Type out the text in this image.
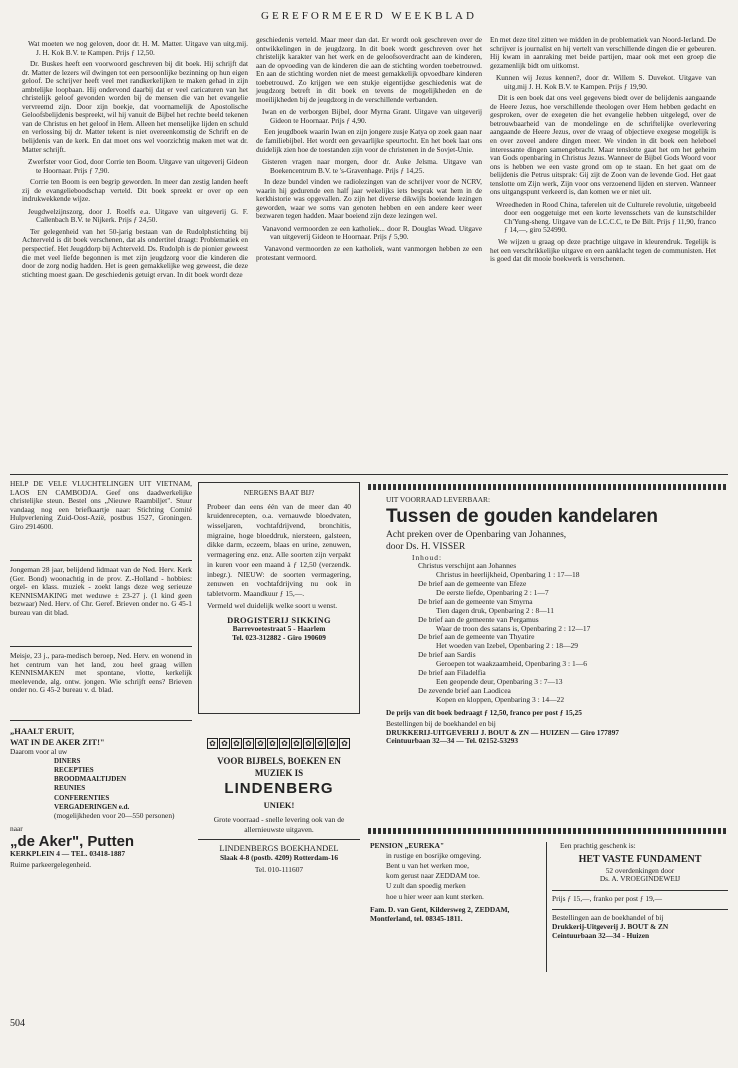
GEREFORMEERD WEEKBLAD
Wat moeten we nog geloven, door dr. H. M. Matter. Uitgave van uitg.mij. J. H. Kok B.V. te Kampen. Prijs ƒ 12,50.
Dr. Buskes heeft een voorwoord geschreven bij dit boek. Hij schrijft dat dr. Matter de lezers wil dwingen tot een persoonlijke bezinning op hun eigen geloof. De schrijver heeft veel met randkerkelijken te maken gehad in zijn ambtelijke loopbaan. Hij ondervond daarbij dat er veel caricaturen van het christelijk geloof gevonden worden bij de mensen die van het evangelie vervreemd zijn. Door zijn boekje, dat voornamelijk de Apostolische Geloofsbelijdenis bespreekt, wil hij vanuit de Bijbel het rechte beeld tekenen van de Christus en het geloof in Hem. Alleen het menselijke lijden en schuld en verlossing bij dr. Matter tekent is niet overeenkomstig de Schrift en de belijdenis van de kerk. En dat moet ons wel voorzichtig maken met wat dr. Matter schrijft.
Zwerfster voor God, door Corrie ten Boom. Uitgave van uitgeverij Gideon te Hoornaar. Prijs ƒ 7,90.
Corrie ten Boom is een begrip geworden. In meer dan zestig landen heeft zij de evangelieboodschap verteld. Dit boek spreekt er over op een indrukwekkende wijze.
Jeugdwelzijnszorg, door J. Roelfs e.a. Uitgave van uitgeverij G. F. Callenbach B.V. te Nijkerk. Prijs ƒ 24,50.
Ter gelegenheid van het 50-jarig bestaan van de Rudolphstichting bij Achterveld is dit boek verschenen, dat als ondertitel draagt: Problematiek en perspectief. Het Jeugddorp bij Achterveld. Ds. Rudolph is de pionier geweest die met veel liefde begonnen is met zijn jeugdzorg voor die kinderen die door de zorg nodig hadden. Het is geen gemakkelijke weg geweest, die deze stichting moest gaan. De geschiedenis getuigt ervan. In dit boek wordt deze
geschiedenis verteld. Maar meer dan dat. Er wordt ook geschreven over de ontwikkelingen in de jeugdzorg. In dit boek wordt geschreven over het christelijk karakter van het werk en de geloofsoverdracht aan de kinderen, aan de opvoeding van de kinderen die aan de stichting worden toebetrouwd. En aan de stichting worden niet de meest gemakkelijk opvoedbare kinderen toebetrouwd. Zo krijgen we een stukje eigentijdse geschiedenis wat de jeugdzorg betreft in dit boek en tevens de mogelijkheden en de moeilijkheden bij de jeugdzorg in de verschillende verbanden.
Iwan en de verborgen Bijbel, door Myrna Grant. Uitgave van uitgeverij Gideon te Hoornaar. Prijs ƒ 4,90.
Een jeugdboek waarin Iwan en zijn jongere zusje Katya op zoek gaan naar de familiebijbel. Het wordt een gevaarlijke speurtocht. En het boek laat ons duidelijk zien hoe de toestanden zijn voor de christenen in de Sovjet-Unie.
Gisteren vragen naar morgen, door dr. Auke Jelsma. Uitgave van Boekencentrum B.V. te 's-Gravenhage. Prijs ƒ 14,25.
In deze bundel vinden we radiolezingen van de schrijver voor de NCRV, waarin hij gedurende een half jaar wekelijks iets besprak wat hem in de kerkhistorie was opgevallen. Zo zijn het diverse dikwijls boeiende lezingen geworden, waar we soms van genoten hebben en een andere keer weer bezwaren tegen hadden. Maar boeiend zijn deze lezingen wel.
Vanavond vermoorden ze een katholiek... door R. Douglas Wead. Uitgave van uitgeverij Gideon te Hoornaar. Prijs ƒ 5,90.
Vanavond vermoorden ze een katholiek, want vanmorgen hebben ze een protestant vermoord.
En met deze titel zitten we midden in de problematiek van Noord-Ierland. De schrijver is journalist en hij vertelt van verschillende dingen die er gebeuren. Hij kwam in aanraking met beide partijen, maar ook met een groep die gezamenlijk bidt om uitkomst.
Kunnen wij Jezus kennen?, door dr. Willem S. Duvekot. Uitgave van uitg.mij J. H. Kok B.V. te Kampen. Prijs ƒ 19,90.
Dit is een boek dat ons veel gegevens biedt over de belijdenis aangaande de Heere Jezus, hoe verschillende theologen over Hem hebben gedacht en gesproken, over de exegeten die het evangelie hebben uitgelegd, over de betrouwbaarheid van de mondelinge en de schriftelijke overlevering aangaande de Heere Jezus, over de vraag of objectieve exegese mogelijk is en over zoveel andere dingen meer. We vinden in dit boek een heleboel interessante dingen samengebracht. Maar tenslotte gaat het om het geheim van Gods openbaring in Christus Jezus. Wanneer de Bijbel Gods Woord voor ons is hebben we een vaste grond om op te staan. En het gaat om de belijdenis die Petrus uitsprak: Gij zijt de Zoon van de levende God. Het gaat tenslotte om Zijn werk, Zijn voor ons verzoenend lijden en sterven. Wanneer ons uitgangspunt verkeerd is, dan komen we er niet uit.
Wreedheden in Rood China, taferelen uit de Culturele revolutie, uitgebeeld door een ooggetuige met een korte levensschets van de kunstschilder Ch'Yung-sheng. Uitgave van de I.C.C.C, te De Bilt. Prijs ƒ 11,90, franco ƒ 14,—, giro 524990.
We wijzen u graag op deze prachtige uitgave in kleurendruk. Tegelijk is het een verschrikkelijke uitgave en een aanklacht tegen de communisten. Het is goed dat dit mooie boekwerk is verschenen.
HELP DE VELE VLUCHTELINGEN UIT VIETNAM, LAOS EN CAMBODJA. Geef ons daadwerkelijke christelijke steun. Bestel ons „Nieuwe Raambiljet". Stuur vandaag nog een briefkaartje naar: Stichting Comité Hulpverlening Zuid-Oost-Azië, postbus 1527, Groningen. Giro 2914600.
Jongeman 28 jaar, belijdend lidmaat van de Ned. Herv. Kerk (Ger. Bond) woonachtig in de prov. Z.-Holland - hobbies: orgel- en klass. muziek - zoekt langs deze weg serieuze KENNISMAKING met weduwe ± 23-27 j. (1 kind geen bezwaar) Ned. Herv. of Chr. Geref. Brieven onder no. G 45-1 bureau van dit blad.
Meisje, 23 j., para-medisch beroep, Ned. Herv. en wonend in het centrum van het land, zou heel graag willen KENNISMAKEN met spontane, vlotte, kerkelijk meelevende, alg. ontw. jongen. Wie schrijft eens? Brieven onder no. G 45-2 bureau v. d. blad.
„HAALT ERUIT,
WAT IN DE AKER ZIT!"
Daarom voor al uw
DINERS
RECEPTIES
BROODMAALTIJDEN
REUNIES
CONFERENTIES
VERGADERINGEN e.d.
(mogelijkheden voor 20—550 personen)
naar
„de Aker", Putten
KERKPLEIN 4 — TEL. 03418-1887
Ruime parkeergelegenheid.
NERGENS BAAT BIJ?
Probeer dan eens één van de meer dan 40 kruidenrecepten, o.a. vernauwde bloedvaten, wisseljaren, vochtafdrijvend, bronchitis, migraine, hoge bloeddruk, niersteen, galsteen, dikke darm, eczeem, blaas en urine, zenuwen, vermagering enz. enz. Alle soorten zijn verpakt in kuren voor een maand à ƒ 12,50 (verzendk. inbegr.). NIEUW: de soorten vermagering, zenuwen en vochtafdrijving nu ook in tabletvorm. Maandkuur ƒ 15,—.
Vermeld wel duidelijk welke soort u wenst.
DROGISTERIJ SIKKING
Barrevoetestraat 5 - Haarlem
Tel. 023-312882 - Giro 190609
✿ ✿ ✿ ✿ ✿ ✿ ✿ ✿ ✿ ✿ ✿ ✿
VOOR BIJBELS, BOEKEN EN
MUZIEK IS
LINDENBERG
UNIEK!
Grote voorraad - snelle levering ook van de allernieuwste uitgaven.
LINDENBERGS BOEKHANDEL
Slaak 4-8 (postb. 4209) Rotterdam-16
Tel. 010-111607
UIT VOORRAAD LEVERBAAR:
Tussen de gouden kandelaren
Acht preken over de Openbaring van Johannes,
door Ds. H. VISSER
Inhoud:
Christus verschijnt aan Johannes
Christus in heerlijkheid, Openbaring 1 : 17—18
De brief aan de gemeente van Efeze
De eerste liefde, Openbaring 2 : 1—7
De brief aan de gemeente van Smyrna
Tien dagen druk, Openbaring 2 : 8—11
De brief aan de gemeente van Pergamus
Waar de troon des satans is, Openbaring 2 : 12—17
De brief aan de gemeente van Thyatire
Het woeden van Izebel, Openbaring 2 : 18—29
De brief aan Sardis
Geroepen tot waakzaamheid, Openbaring 3 : 1—6
De brief aan Filadelfia
Een geopende deur, Openbaring 3 : 7—13
De zevende brief aan Laodicea
Kopen en kloppen, Openbaring 3 : 14—22
De prijs van dit boek bedraagt ƒ 12,50, franco per post ƒ 15,25
Bestellingen bij de boekhandel en bij
DRUKKERIJ-UITGEVERIJ J. BOUT & ZN — HUIZEN — Giro 177897
Ceintuurbaan 32—34 — Tel. 02152-53293
PENSION „EUREKA"
in rustige en bosrijke omgeving.
Bent u van het werken moe,
kom gerust naar ZEDDAM toe.
U zult dan spoedig merken
hoe u hier weer aan kunt sterken.
Fam. D. van Gent, Kildersweg 2, ZEDDAM, Montferland, tel. 08345-1811.
Een prachtig geschenk is:
HET VASTE FUNDAMENT
52 overdenkingen door
Ds. A. VROEGINDEWEIJ
Prijs ƒ 15,—, franko per post ƒ 19,—
Bestellingen aan de boekhandel of bij
Drukkerij-Uitgeverij J. BOUT & ZN
Ceintuurbaan 32—34 - Huizen
504
